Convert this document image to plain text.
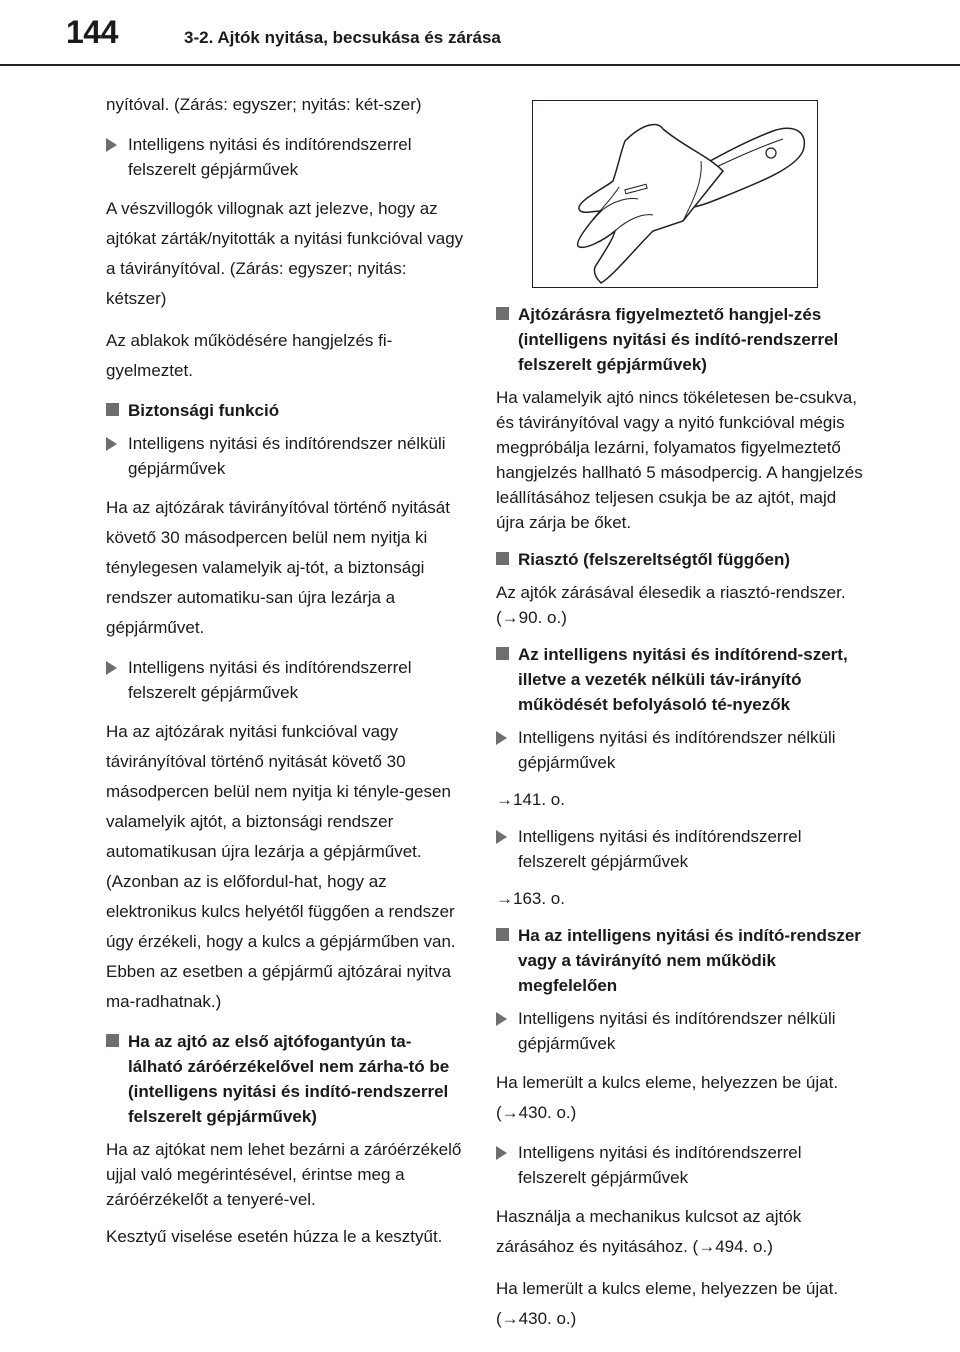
144	3-2. Ajtók nyitása, becsukása és zárása

nyítóval. (Zárás: egyszer; nyitás: két-szer)

Intelligens nyitási és indítórendszerrel felszerelt gépjárművek

A vészvillogók villognak azt jelezve, hogy az ajtókat zárták/nyitották a nyitási funkcióval vagy a távirányítóval. (Zárás: egyszer; nyitás: kétszer)

Az ablakok működésére hangjelzés fi-gyelmeztet.

Biztonsági funkció
Intelligens nyitási és indítórendszer nélküli gépjárművek

Ha az ajtózárak távirányítóval történő nyitását követő 30 másodpercen belül nem nyitja ki ténylegesen valamelyik aj-tót, a biztonsági rendszer automatiku-san újra lezárja a gépjárművet.

Intelligens nyitási és indítórendszerrel felszerelt gépjárművek

Ha az ajtózárak nyitási funkcióval vagy távirányítóval történő nyitását követő 30 másodpercen belül nem nyitja ki tényle-gesen valamelyik ajtót, a biztonsági rendszer automatikusan újra lezárja a gépjárművet. (Azonban az is előfordul-hat, hogy az elektronikus kulcs helyétől függően a rendszer úgy érzékeli, hogy a kulcs a gépjárműben van. Ebben az esetben a gépjármű ajtózárai nyitva ma-radhatnak.)

Ha az ajtó az első ajtófogantyún ta-lálható záróérzékelővel nem zárha-tó be (intelligens nyitási és indító-rendszerrel felszerelt gépjárművek)

Ha az ajtókat nem lehet bezárni a záróérzékelő ujjal való megérintésével, érintse meg a záróérzékelőt a tenyeré-vel.

Kesztyű viselése esetén húzza le a kesztyűt.

Ajtózárásra figyelmeztető hangjel-zés (intelligens nyitási és indító-rendszerrel felszerelt gépjárművek)

Ha valamelyik ajtó nincs tökéletesen be-csukva, és távirányítóval vagy a nyitó funkcióval mégis megpróbálja lezárni, folyamatos figyelmeztető hangjelzés hallható 5 másodpercig. A hangjelzés leállításához teljesen csukja be az ajtót, majd újra zárja be őket.

Riasztó (felszereltségtől függően)

Az ajtók zárásával élesedik a riasztó-rendszer. (→90. o.)

Az intelligens nyitási és indítórend-szert, illetve a vezeték nélküli táv-irányító működését befolyásoló té-nyezők
Intelligens nyitási és indítórendszer nélküli gépjárművek

→141. o.

Intelligens nyitási és indítórendszerrel felszerelt gépjárművek

→163. o.

Ha az intelligens nyitási és indító-rendszer vagy a távirányító nem működik megfelelően
Intelligens nyitási és indítórendszer nélküli gépjárművek

Ha lemerült a kulcs eleme, helyezzen be újat. (→430. o.)

Intelligens nyitási és indítórendszerrel felszerelt gépjárművek

Használja a mechanikus kulcsot az ajtók zárásához és nyitásához. (→494. o.)

Ha lemerült a kulcs eleme, helyezzen be újat. (→430. o.)
